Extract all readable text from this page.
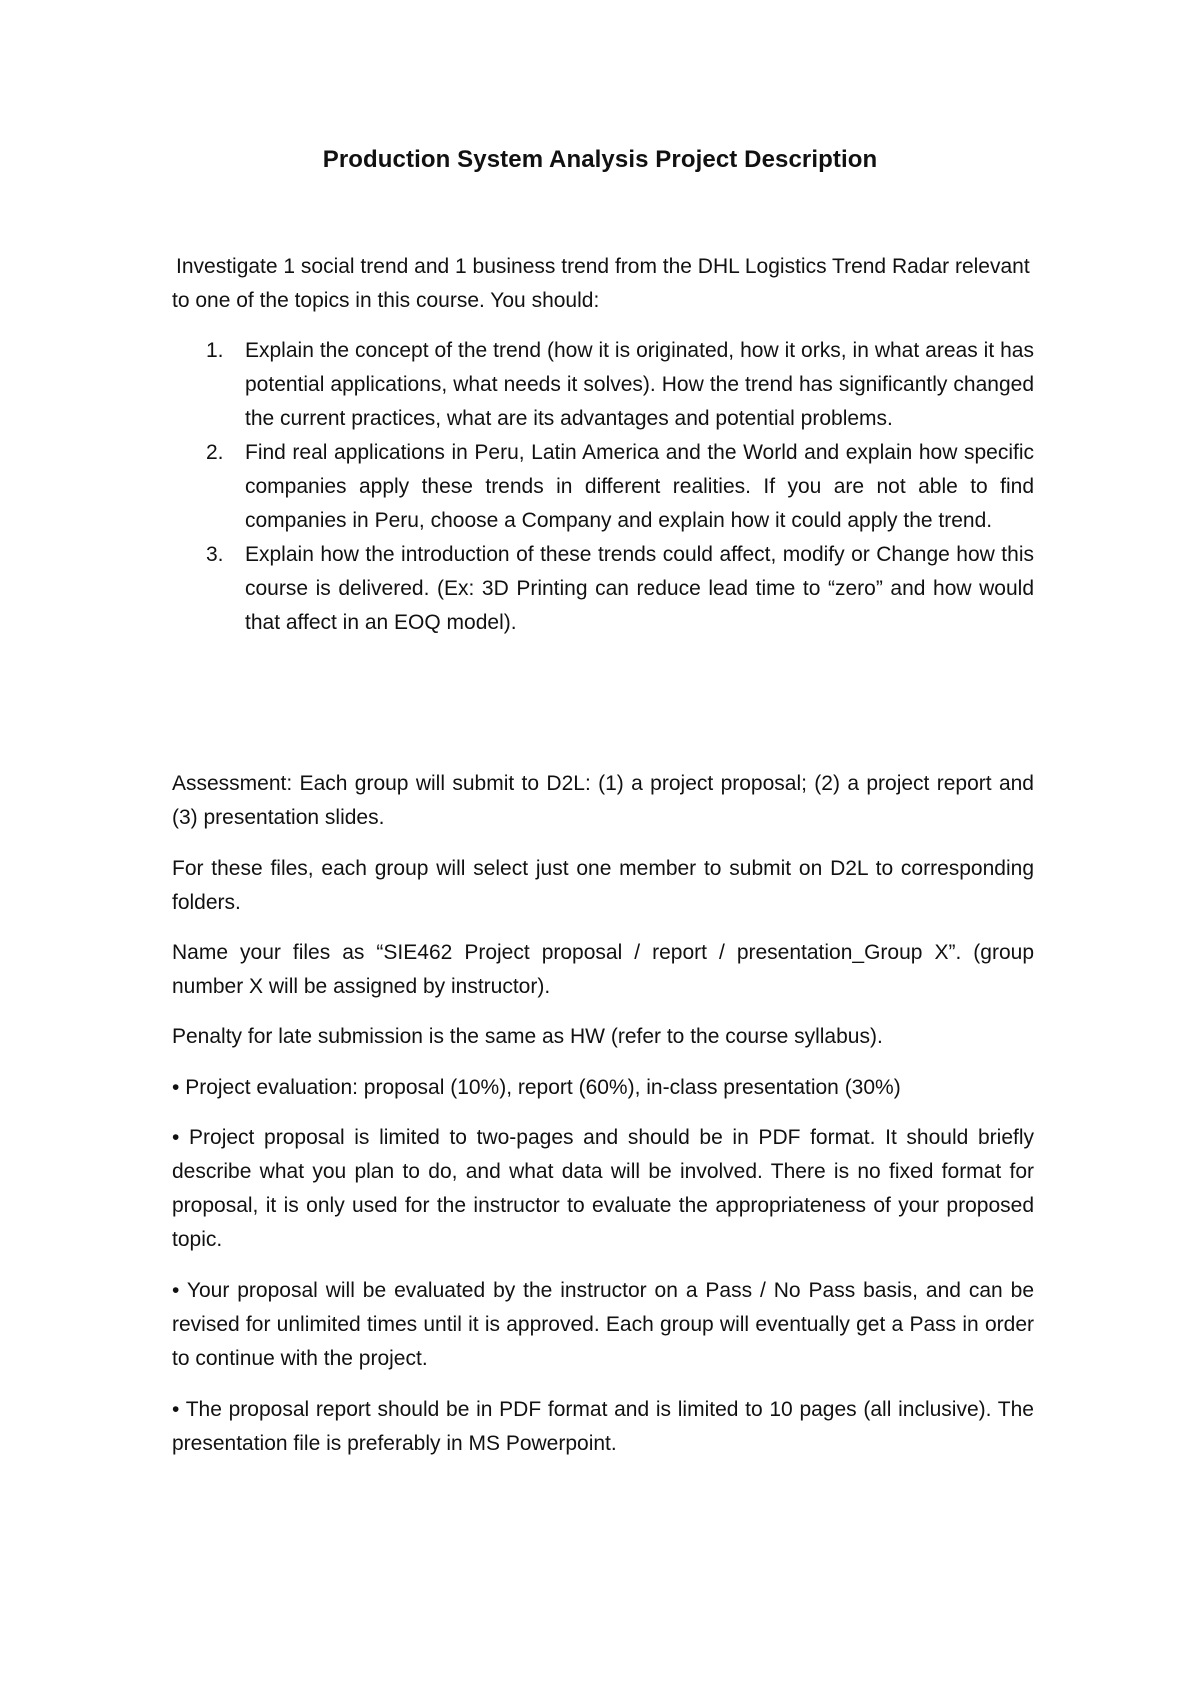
Production System Analysis Project Description

Investigate 1 social trend and 1 business trend from the DHL Logistics Trend Radar relevant to one of the topics in this course. You should:

1. Explain the concept of the trend (how it is originated, how it orks, in what areas it has potential applications, what needs it solves). How the trend has significantly changed the current practices, what are its advantages and potential problems.
2. Find real applications in Peru, Latin America and the World and explain how specific companies apply these trends in different realities. If you are not able to find companies in Peru, choose a Company and explain how it could apply the trend.
3. Explain how the introduction of these trends could affect, modify or Change how this course is delivered. (Ex: 3D Printing can reduce lead time to “zero” and how would that affect in an EOQ model).

Assessment: Each group will submit to D2L: (1) a project proposal; (2) a project report and (3) presentation slides.

For these files, each group will select just one member to submit on D2L to corresponding folders.

Name your files as “SIE462 Project proposal / report / presentation_Group X”. (group number X will be assigned by instructor).

Penalty for late submission is the same as HW (refer to the course syllabus).

• Project evaluation: proposal (10%), report (60%), in-class presentation (30%)

• Project proposal is limited to two-pages and should be in PDF format. It should briefly describe what you plan to do, and what data will be involved. There is no fixed format for proposal, it is only used for the instructor to evaluate the appropriateness of your proposed topic.

• Your proposal will be evaluated by the instructor on a Pass / No Pass basis, and can be revised for unlimited times until it is approved. Each group will eventually get a Pass in order to continue with the project.

• The proposal report should be in PDF format and is limited to 10 pages (all inclusive). The presentation file is preferably in MS Powerpoint.
